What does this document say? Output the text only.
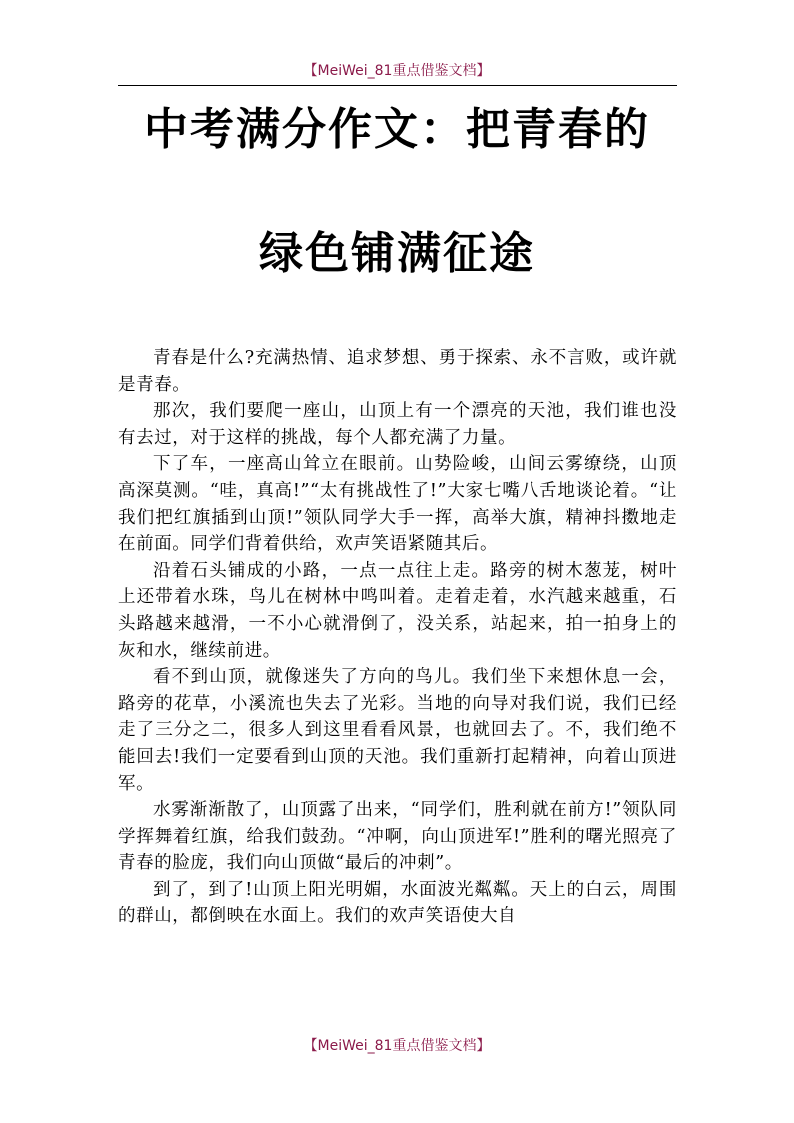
【MeiWei_81重点借鉴文档】
中考满分作文：把青春的
绿色铺满征途

青春是什么?充满热情、追求梦想、勇于探索、永不言败，或许就是青春。

那次，我们要爬一座山，山顶上有一个漂亮的天池，我们谁也没有去过，对于这样的挑战，每个人都充满了力量。

下了车，一座高山耸立在眼前。山势险峻，山间云雾缭绕，山顶高深莫测。“哇，真高!”“太有挑战性了!”大家七嘴八舌地谈论着。“让我们把红旗插到山顶!”领队同学大手一挥，高举大旗，精神抖擞地走在前面。同学们背着供给，欢声笑语紧随其后。

沿着石头铺成的小路，一点一点往上走。路旁的树木葱茏，树叶上还带着水珠，鸟儿在树林中鸣叫着。走着走着，水汽越来越重，石头路越来越滑，一不小心就滑倒了，没关系，站起来，拍一拍身上的灰和水，继续前进。

看不到山顶，就像迷失了方向的鸟儿。我们坐下来想休息一会，路旁的花草，小溪流也失去了光彩。当地的向导对我们说，我们已经走了三分之二，很多人到这里看看风景，也就回去了。不，我们绝不能回去!我们一定要看到山顶的天池。我们重新打起精神，向着山顶进军。

水雾渐渐散了，山顶露了出来，“同学们，胜利就在前方!”领队同学挥舞着红旗，给我们鼓劲。“冲啊，向山顶进军!”胜利的曙光照亮了青春的脸庞，我们向山顶做“最后的冲刺”。

到了，到了!山顶上阳光明媚，水面波光粼粼。天上的白云，周围的群山，都倒映在水面上。我们的欢声笑语使大自

【MeiWei_81重点借鉴文档】
